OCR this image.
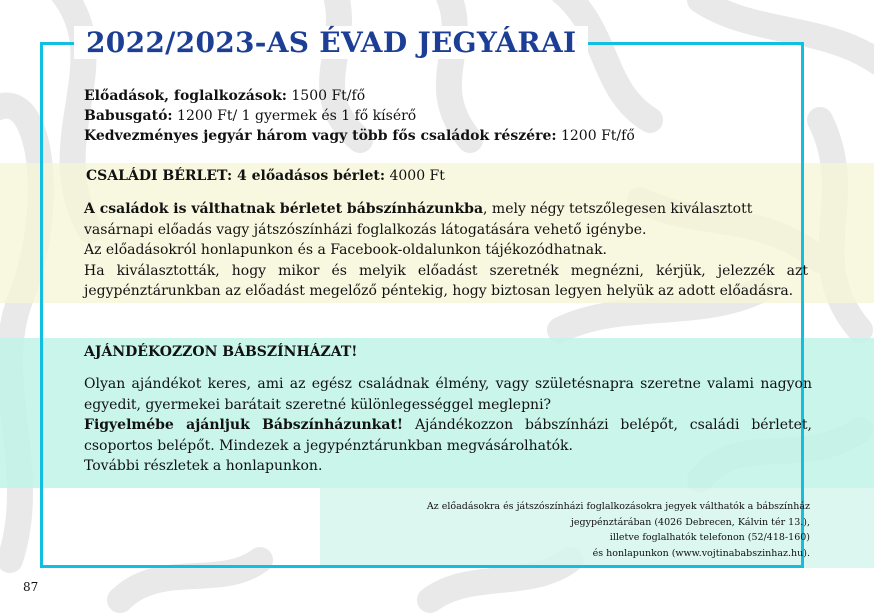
2022/2023-AS ÉVAD JEGYÁRAI
Előadások, foglalkozások: 1500 Ft/fő
Babusgató: 1200 Ft/ 1 gyermek és 1 fő kísérő
Kedvezményes jegyár három vagy több fős családok részére: 1200 Ft/fő
CSALÁDI BÉRLET: 4 előadásos bérlet: 4000 Ft

A családok is válthatnak bérletet bábszínházunkba, mely négy tetszőlegesen kiválasztott

vasárnapi előadás vagy játszószínházi foglalkozás látogatására vehető igénybe.

Az előadásokról honlapunkon és a Facebook-oldalunkon tájékozódhatnak.

Ha kiválasztották, hogy mikor és melyik előadást szeretnék megnézni, kérjük, jelezzék azt

jegypénztárunkban az előadást megelőző péntekig, hogy biztosan legyen helyük az adott előadásra.

AJÁNDÉKOZZON BÁBSZÍNHÁZAT!

Olyan ajándékot keres, ami az egész családnak élmény, vagy születésnapra szeretne valami nagyon

egyedit, gyermekei barátait szeretné különlegességgel meglepni?

Figyelmébe ajánljuk Bábszínházunkat! Ajándékozzon bábszínházi belépőt, családi bérletet,

csoportos belépőt. Mindezek a jegypénztárunkban megvásárolhatók.

További részletek a honlapunkon.

Az előadásokra és játszószínházi foglalkozásokra jegyek válthatók a bábszínház
jegypénztárában (4026 Debrecen, Kálvin tér 13.),
illetve foglalhatók telefonon (52/418-160)
és honlapunkon (www.vojtinababszinhaz.hu).
87
